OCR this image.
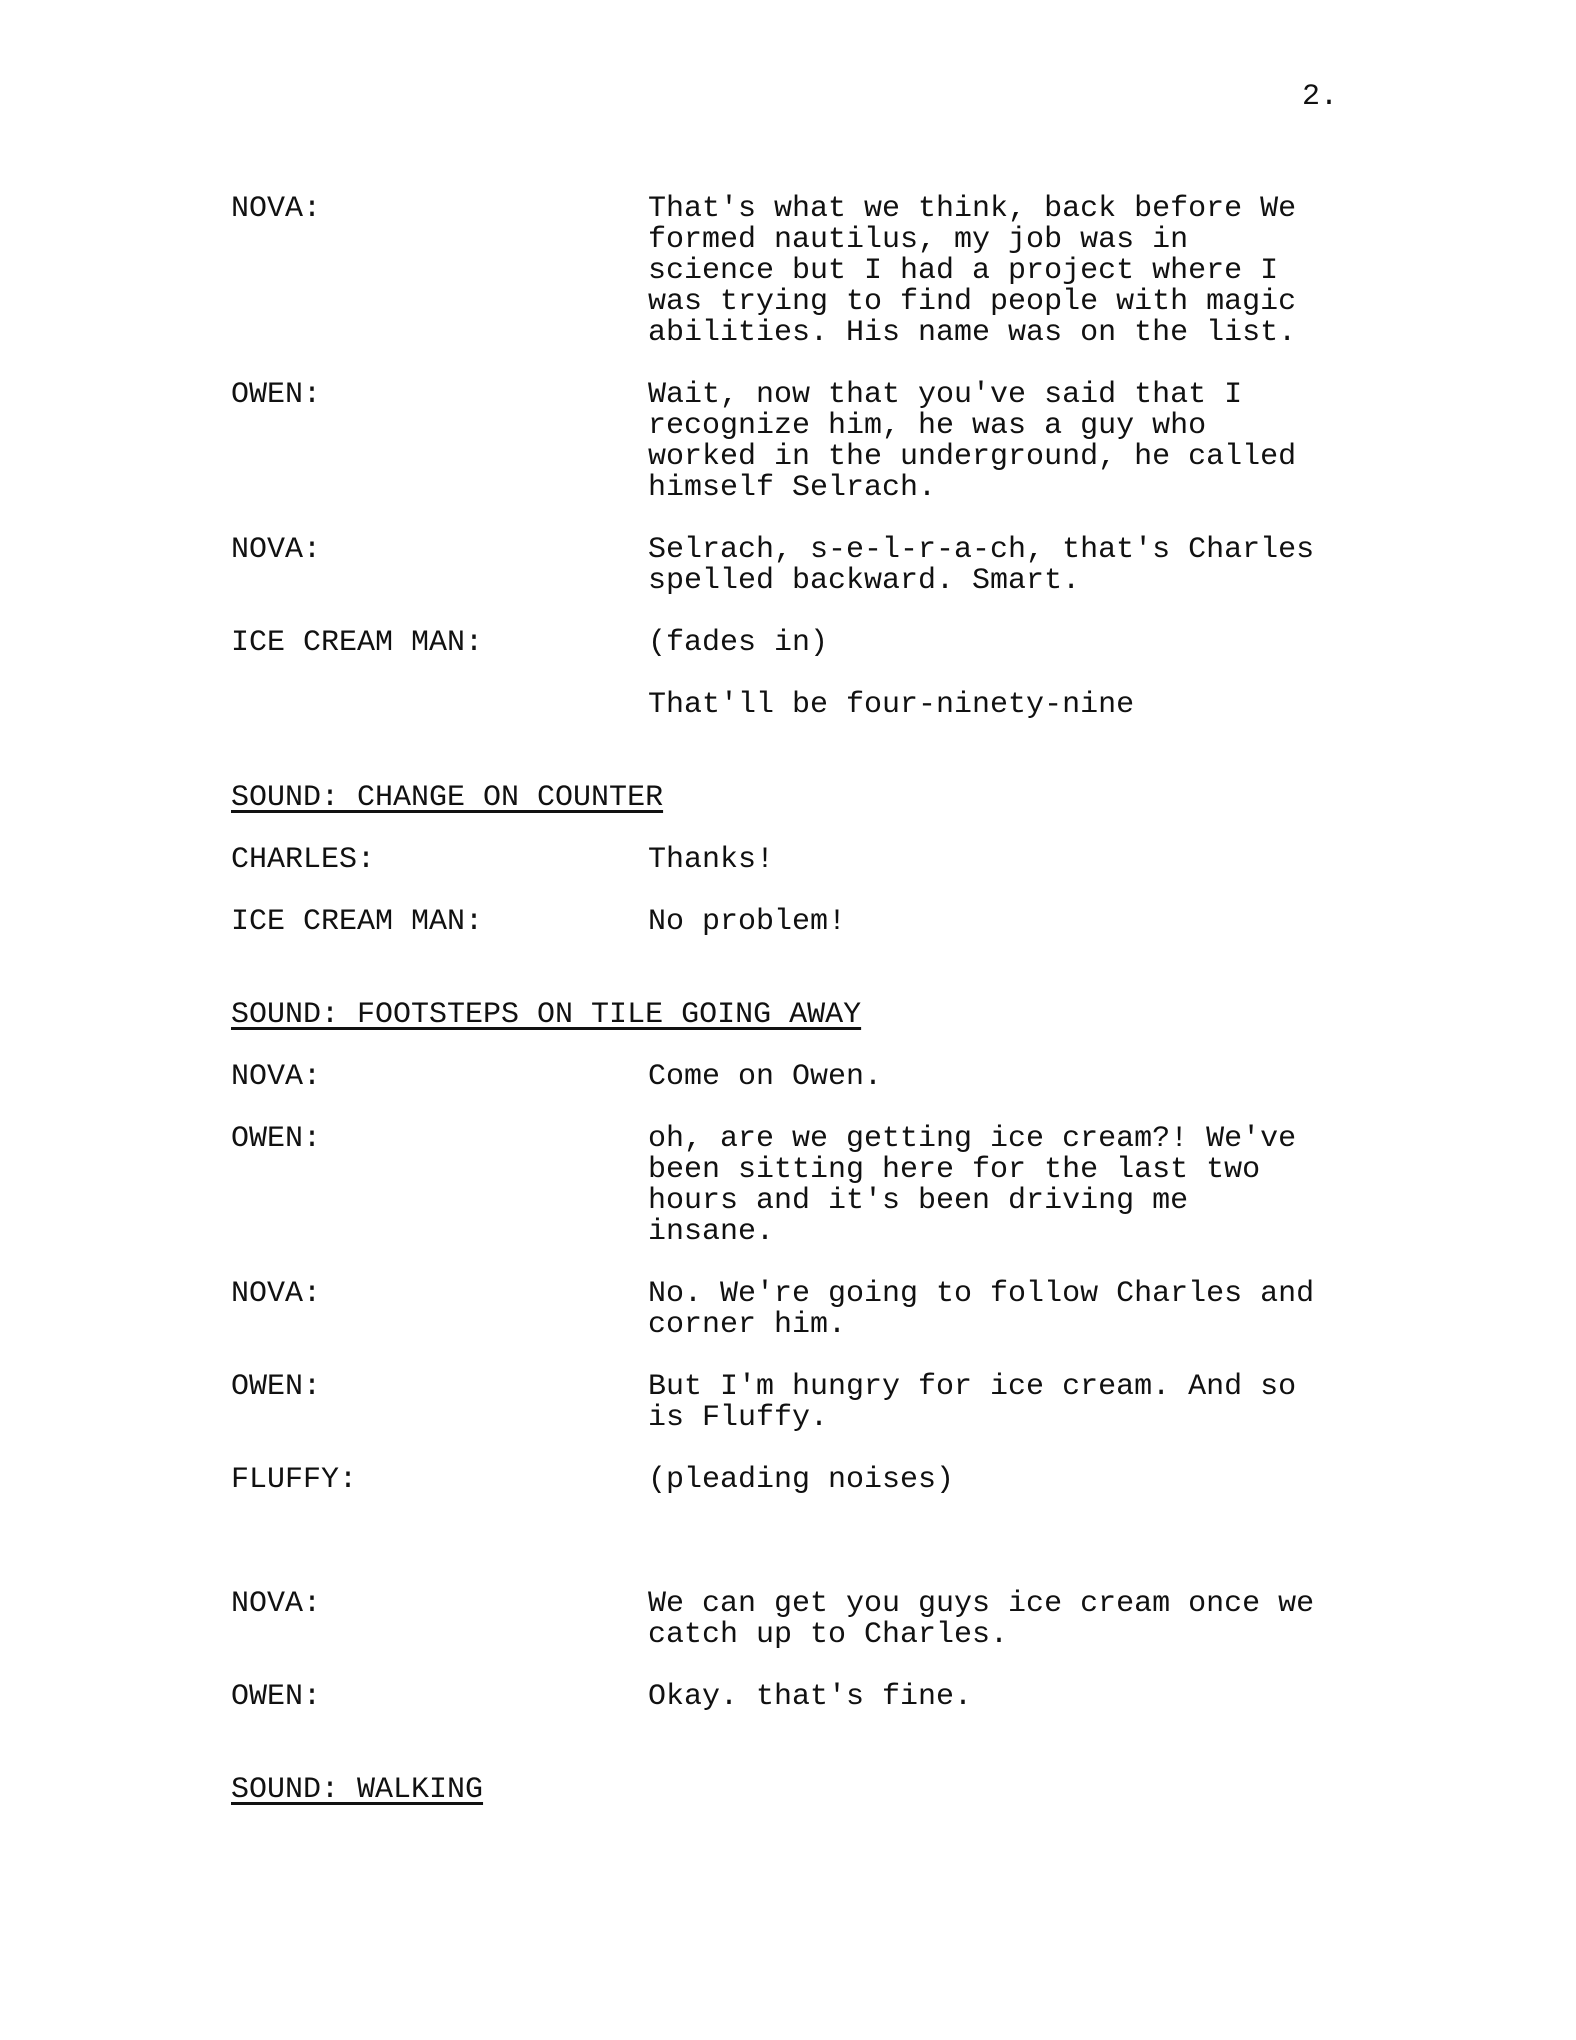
2.
NOVA:	That's what we think, back before We
formed nautilus, my job was in
science but I had a project where I
was trying to find people with magic
abilities. His name was on the list.
OWEN:	Wait, now that you've said that I
recognize him, he was a guy who
worked in the underground, he called
himself Selrach.
NOVA:	Selrach, s-e-l-r-a-ch, that's Charles
spelled backward. Smart.
ICE CREAM MAN:	(fades in)
That'll be four-ninety-nine
SOUND: CHANGE ON COUNTER
CHARLES:	Thanks!
ICE CREAM MAN:	No problem!
SOUND: FOOTSTEPS ON TILE GOING AWAY
NOVA:	Come on Owen.
OWEN:	oh, are we getting ice cream?! We've
been sitting here for the last two
hours and it's been driving me
insane.
NOVA:	No. We're going to follow Charles and
corner him.
OWEN:	But I'm hungry for ice cream. And so
is Fluffy.
FLUFFY:	(pleading noises)
NOVA:	We can get you guys ice cream once we
catch up to Charles.
OWEN:	Okay. that's fine.
SOUND: WALKING
